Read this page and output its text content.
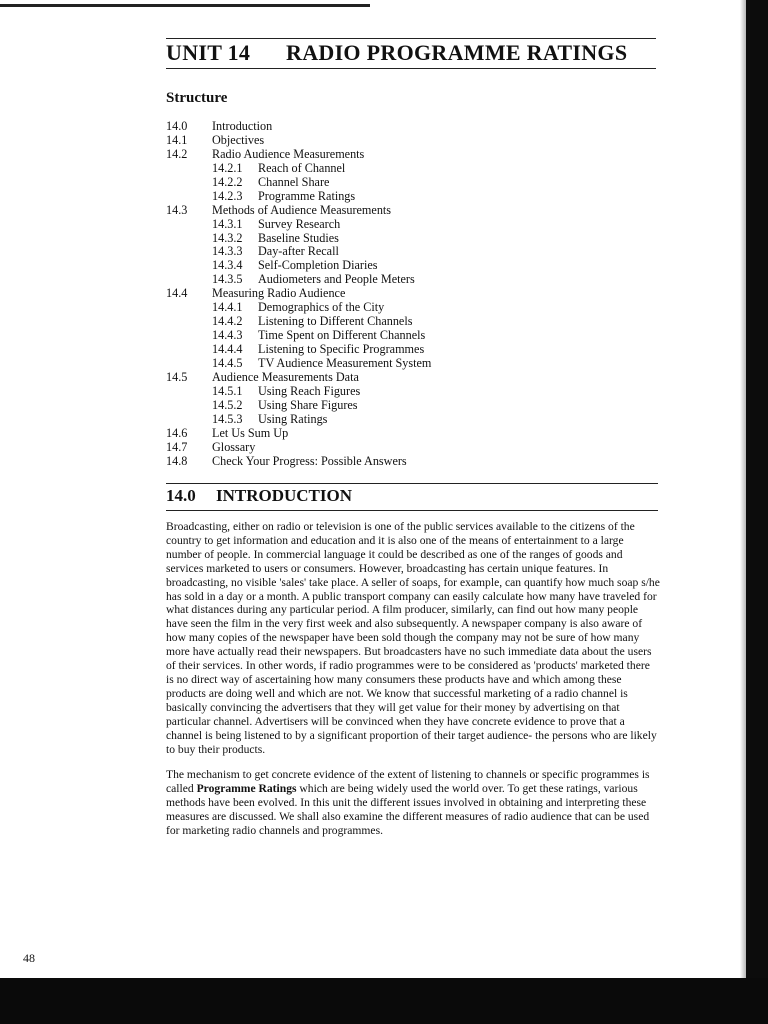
UNIT 14 RADIO PROGRAMME RATINGS
Structure
14.0 Introduction
14.1 Objectives
14.2 Radio Audience Measurements
14.2.1 Reach of Channel
14.2.2 Channel Share
14.2.3 Programme Ratings
14.3 Methods of Audience Measurements
14.3.1 Survey Research
14.3.2 Baseline Studies
14.3.3 Day-after Recall
14.3.4 Self-Completion Diaries
14.3.5 Audiometers and People Meters
14.4 Measuring Radio Audience
14.4.1 Demographics of the City
14.4.2 Listening to Different Channels
14.4.3 Time Spent on Different Channels
14.4.4 Listening to Specific Programmes
14.4.5 TV Audience Measurement System
14.5 Audience Measurements Data
14.5.1 Using Reach Figures
14.5.2 Using Share Figures
14.5.3 Using Ratings
14.6 Let Us Sum Up
14.7 Glossary
14.8 Check Your Progress: Possible Answers
14.0 INTRODUCTION

Broadcasting, either on radio or television is one of the public services available to the citizens of the country to get information and education and it is also one of the means of entertainment to a large number of people. In commercial language it could be described as one of the ranges of goods and services marketed to users or consumers. However, broadcasting has certain unique features. In broadcasting, no visible 'sales' take place. A seller of soaps, for example, can quantify how much soap s/he has sold in a day or a month. A public transport company can easily calculate how many have traveled for what distances during any particular period. A film producer, similarly, can find out how many people have seen the film in the very first week and also subsequently. A newspaper company is also aware of how many copies of the newspaper have been sold though the company may not be sure of how many more have actually read their newspapers. But broadcasters have no such immediate data about the users of their services. In other words, if radio programmes were to be considered as 'products' marketed there is no direct way of ascertaining how many consumers these products have and which among these products are doing well and which are not. We know that successful marketing of a radio channel is basically convincing the advertisers that they will get value for their money by advertising on that particular channel. Advertisers will be convinced when they have concrete evidence to prove that a channel is being listened to by a significant proportion of their target audience- the persons who are likely to buy their products.

The mechanism to get concrete evidence of the extent of listening to channels or specific programmes is called Programme Ratings which are being widely used the world over. To get these ratings, various methods have been evolved. In this unit the different issues involved in obtaining and interpreting these measures are discussed. We shall also examine the different measures of radio audience that can be used for marketing radio channels and programmes.

48
